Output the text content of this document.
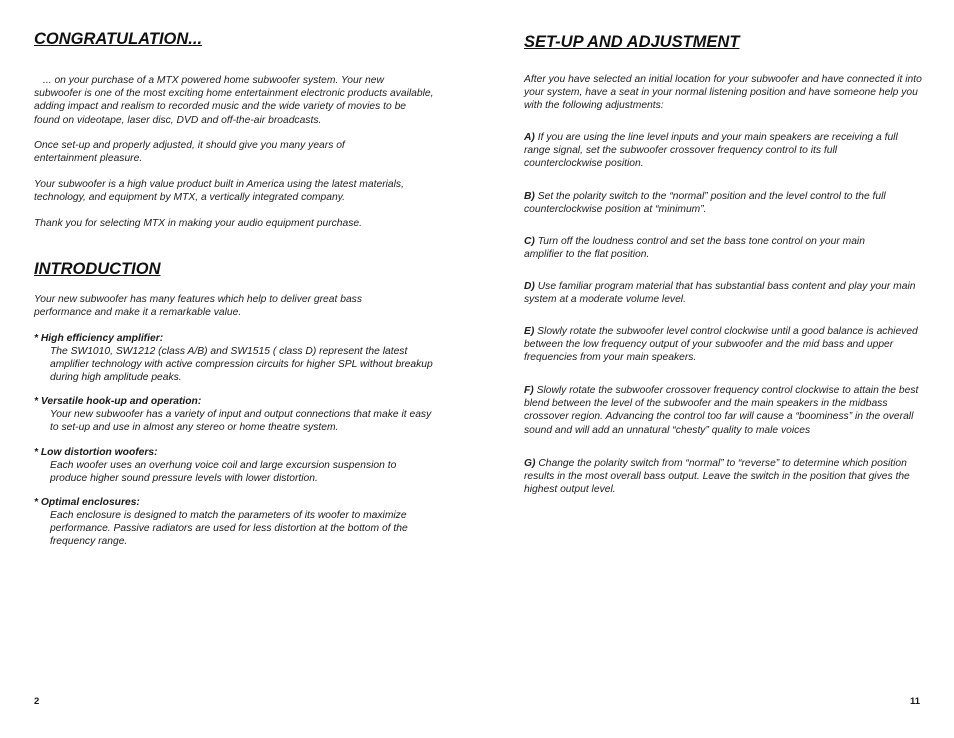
CONGRATULATION...

... on your purchase of a MTX powered home subwoofer system. Your new subwoofer is one of the most exciting home entertainment electronic products available, adding impact and realism to recorded music and the wide variety of movies to be found on videotape, laser disc, DVD and off-the-air broadcasts.

Once set-up and properly adjusted, it should give you many years of entertainment pleasure.

Your subwoofer is a high value product built in America using the latest materials, technology, and equipment by MTX, a vertically integrated company.

Thank you for selecting MTX in making your audio equipment purchase.

INTRODUCTION

Your new subwoofer has many features which help to deliver great bass performance and make it a remarkable value.

* High efficiency amplifier:
The SW1010, SW1212 (class A/B) and SW1515 ( class D) represent the latest amplifier technology with active compression circuits for higher SPL without breakup during high amplitude peaks.
* Versatile hook-up and operation:
Your new subwoofer has a variety of input and output connections that make it easy to set-up and use in almost any stereo or home theatre system.
* Low distortion woofers:
Each woofer uses an overhung voice coil and large excursion suspension to produce higher sound pressure levels with lower distortion.
* Optimal enclosures:
Each enclosure is designed to match the parameters of its woofer to maximize performance. Passive radiators are used for less distortion at the bottom of the frequency range.
2
SET-UP AND ADJUSTMENT

After you have selected an initial location for your subwoofer and have connected it into your system, have a seat in your normal listening position and have someone help you with the following adjustments:

A) If you are using the line level inputs and your main speakers are receiving a full range signal, set the subwoofer crossover frequency control to its full counterclockwise position.

B) Set the polarity switch to the “normal” position and the level control to the full counterclockwise position at “minimum”.

C) Turn off the loudness control and set the bass tone control on your main amplifier to the flat position.

D) Use familiar program material that has substantial bass content and play your main system at a moderate volume level.

E) Slowly rotate the subwoofer level control clockwise until a good balance is achieved between the low frequency output of your subwoofer and the mid bass and upper frequencies from your main speakers.

F) Slowly rotate the subwoofer crossover frequency control clockwise to attain the best blend between the level of the subwoofer and the main speakers in the midbass crossover region. Advancing the control too far will cause a “boominess” in the overall sound and will add an unnatural “chesty” quality to male voices

G) Change the polarity switch from “normal” to “reverse” to determine which position results in the most overall bass output. Leave the switch in the position that gives the highest output level.

11
